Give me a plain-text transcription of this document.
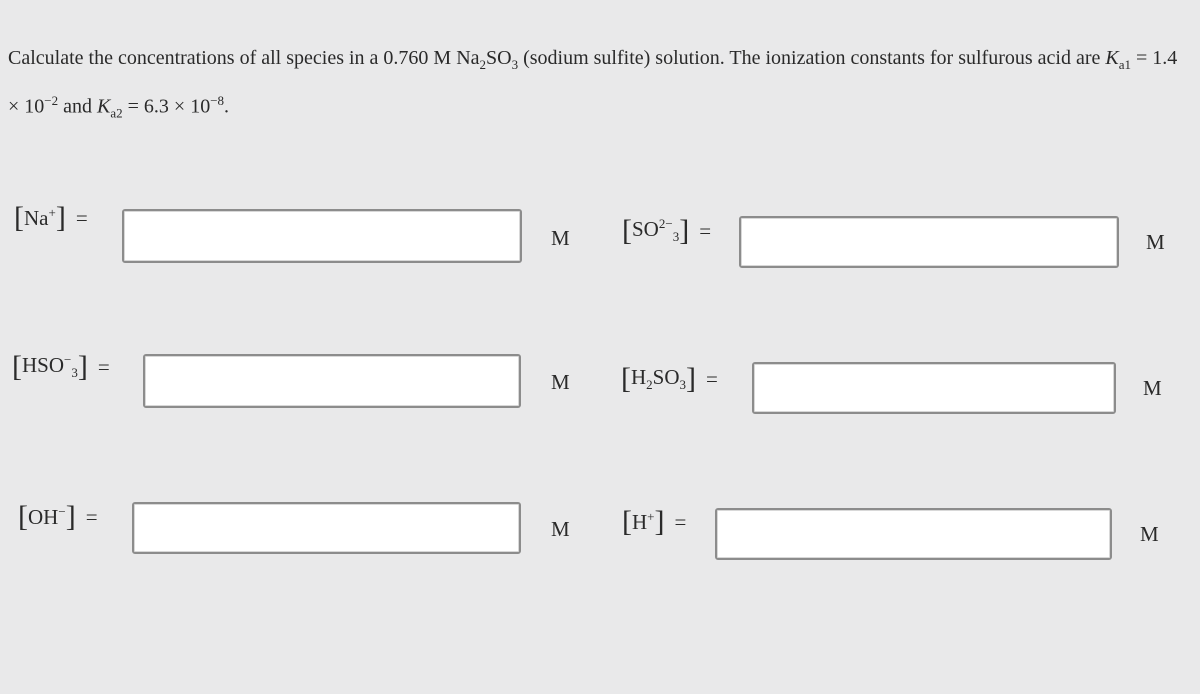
Calculate the concentrations of all species in a 0.760 M $Na_2SO_3$ (sodium sulfite) solution. The ionization constants for sulfurous acid are $K_{a1} = 1.4 \times 10^{-2}$ and $K_{a2} = 6.3 \times 10^{-8}$.
[ Na+ ] =
M [ $SO^{2-}_3$ ] =	M
[ $HSO^-_3$ ] =
M [ $H_2SO_3$ ] =	M
[ OH− ] =
M [ H+ ] =
M
